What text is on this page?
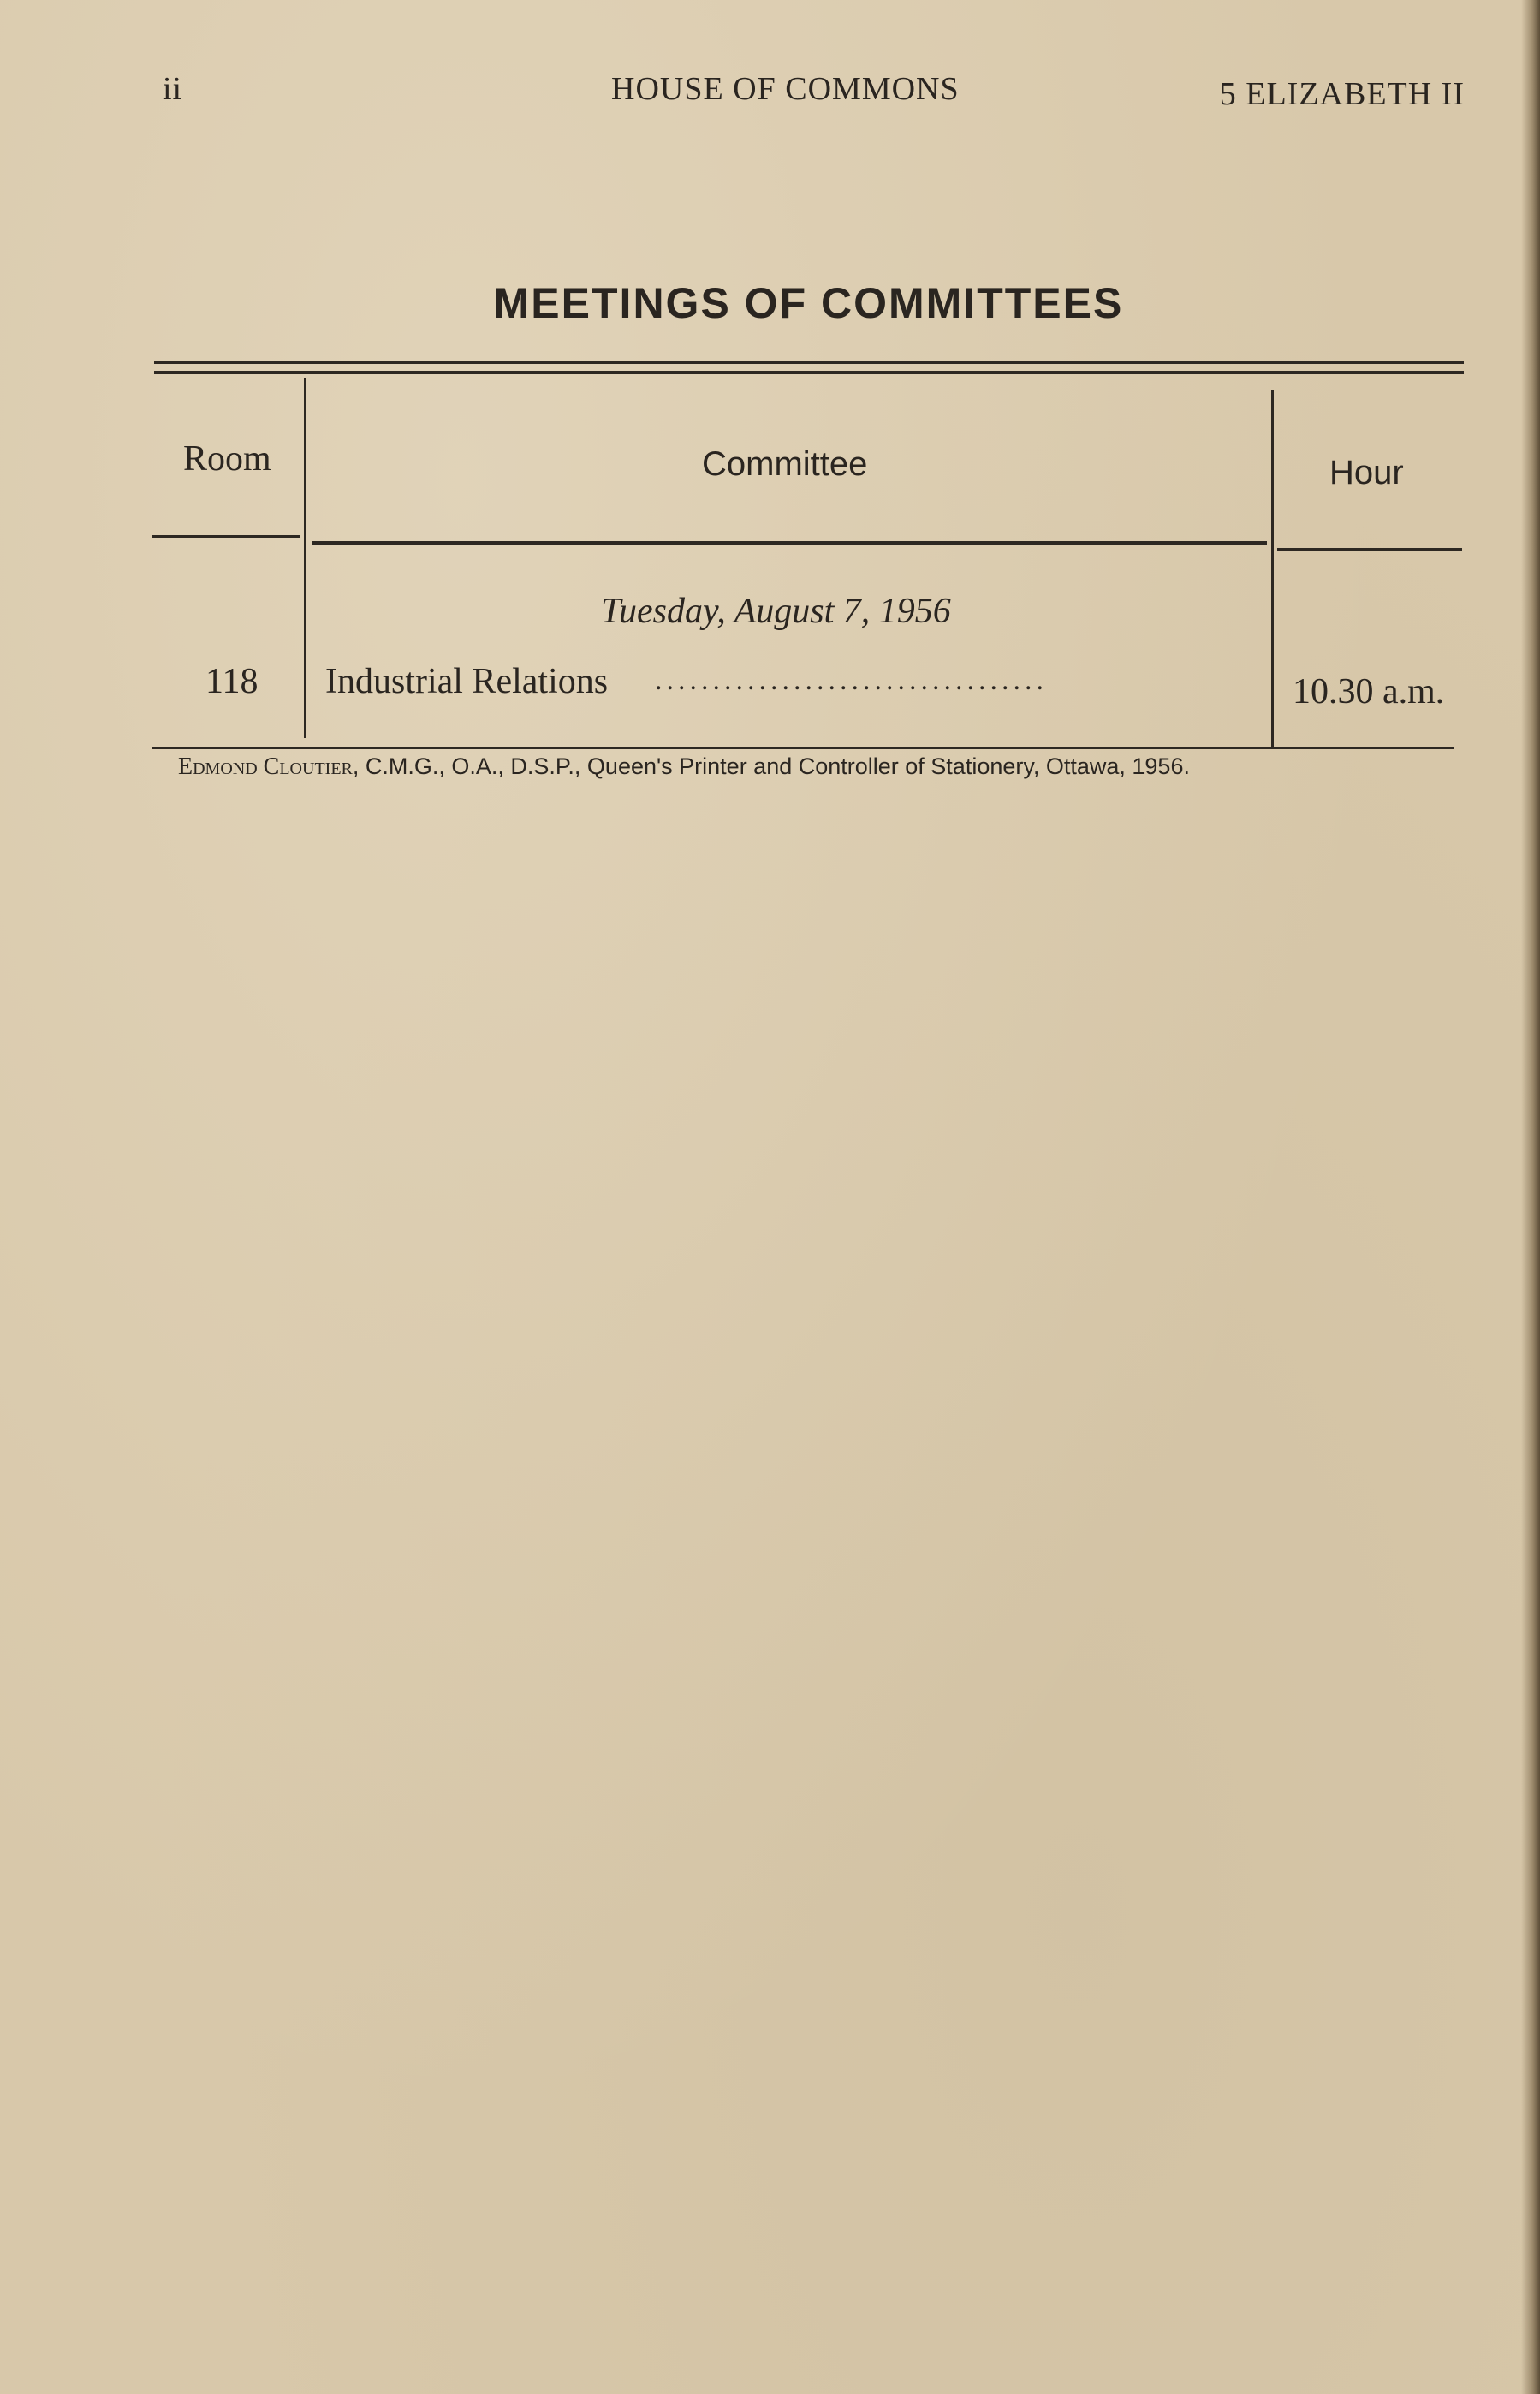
ii	HOUSE OF COMMONS	5 ELIZABETH II
MEETINGS OF COMMITTEES
Room	Committee	Hour
Tuesday, August 7, 1956
118 Industrial Relations ..................................	10.30 a.m.
Edmond Cloutier, C.M.G., O.A., D.S.P., Queen's Printer and Controller of Stationery, Ottawa, 1956.
